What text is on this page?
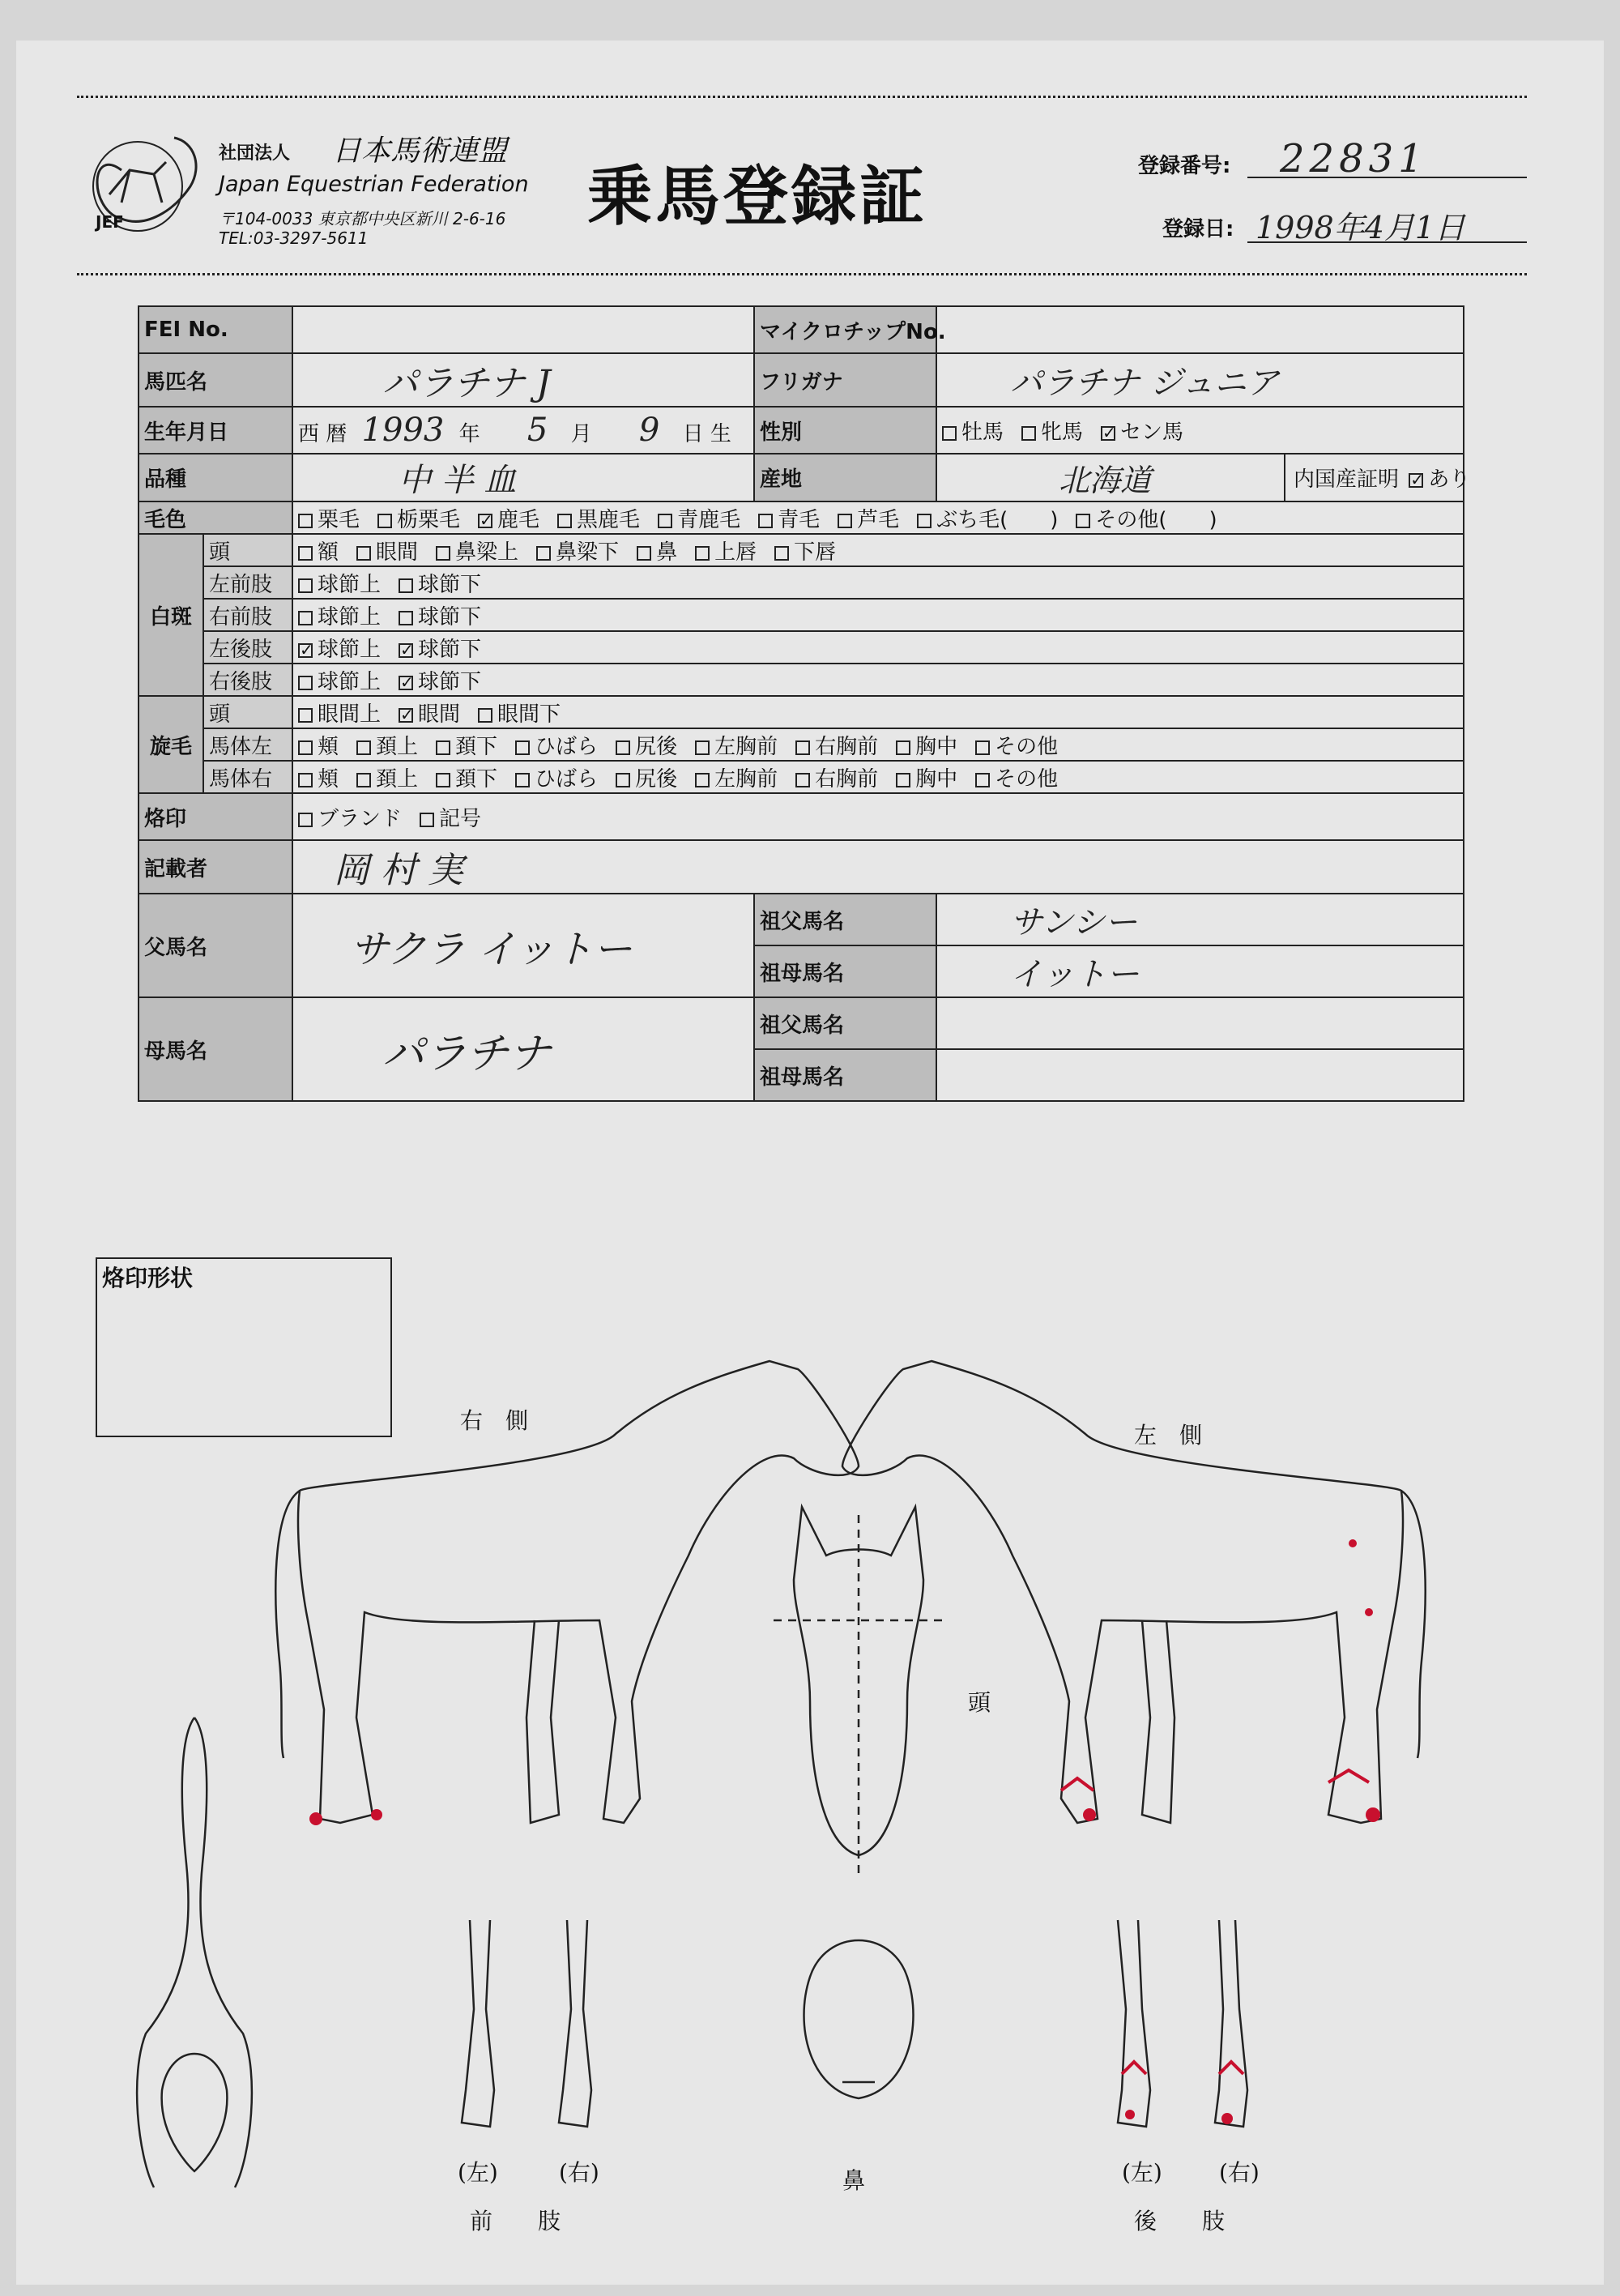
JEF
社団法人 日本馬術連盟
Japan Equestrian Federation
〒104-0033 東京都中央区新川 2-6-16
TEL:03-3297-5611
乗馬登録証	登録番号: 22831
登録日: 1998年4月1日
FEI No.			マイクロチップNo.		
馬匹名		パラチナ J	フリガナ	パラチナ ジュニア	
生年月日		西 暦 1993 年 5 月 9 日 生	性別	牡馬 牝馬 ✓ セン馬
品種		中 半 血	産地	北海道	内国産証明 ✓ あり
毛色		栗毛 栃栗毛 ✓ 鹿毛 黒鹿毛 青鹿毛 青毛 芦毛 ぶち毛(　　) その他(　　)
白斑	頭	額 眼間 鼻梁上 鼻梁下 鼻 上唇 下唇			
	左前肢	球節上 球節下			
	右前肢	球節上 球節下			
	左後肢	✓球節上 ✓ 球節下
	右後肢	球節上 ✓ 球節下
旋毛	頭	眼間上 ✓ 眼間 眼間下
	馬体左	頬 頚上 頚下 ひばら 尻後 左胸前 右胸前 胸中 その他			
	馬体右	頬 頚上 頚下 ひばら 尻後 左胸前 右胸前 胸中 その他			
烙印		ブランド 記号			
記載者		岡 村 実			
父馬名		サクラ イットー	祖父馬名	サンシー	
			祖母馬名	イットー	
母馬名		パラチナ	祖父馬名		
			祖母馬名		
烙印形状
右　側
左　側
頭
鼻
(左)	(右)
前　　肢
(左)	(右)
後　　肢
